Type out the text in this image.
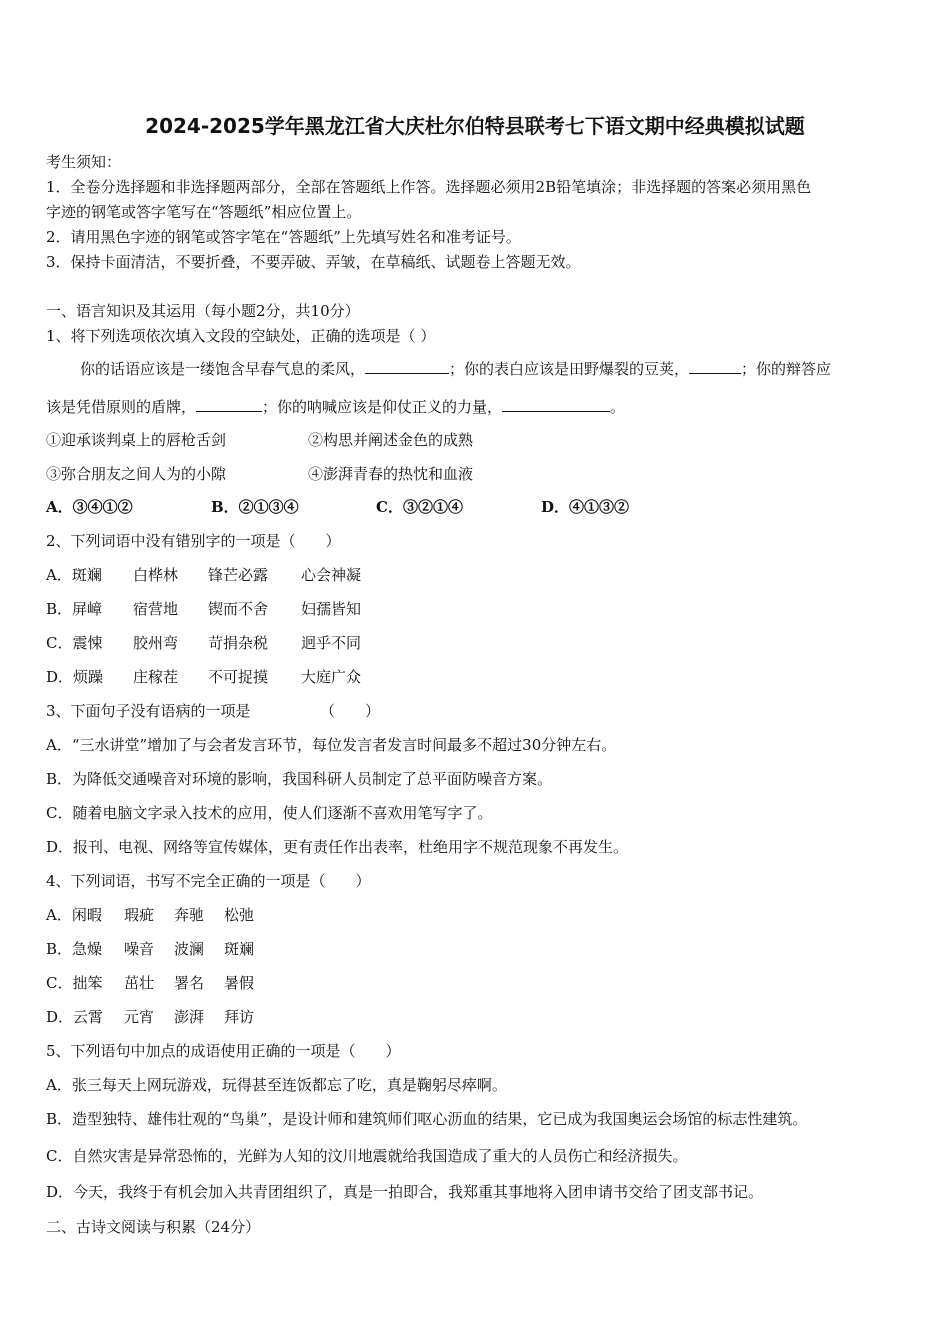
2024-2025学年黑龙江省大庆杜尔伯特县联考七下语文期中经典模拟试题
考生须知：
1．全卷分选择题和非选择题两部分，全部在答题纸上作答。选择题必须用2B铅笔填涂；非选择题的答案必须用黑色
字迹的钢笔或答字笔写在“答题纸”相应位置上。
2．请用黑色字迹的钢笔或答字笔在“答题纸”上先填写姓名和准考证号。
3．保持卡面清洁，不要折叠，不要弄破、弄皱，在草稿纸、试题卷上答题无效。
一、语言知识及其运用（每小题2分，共10分）
1、将下列选项依次填入文段的空缺处，正确的选项是（ ）
你的话语应该是一缕饱含早春气息的柔风，	；你的表白应该是田野爆裂的豆荚，	；你的辩答应
该是凭借原则的盾牌，	；你的呐喊应该是仰仗正义的力量，	。
①迎承谈判桌上的唇枪舌剑	②构思并阐述金色的成熟
③弥合朋友之间人为的小隙	④澎湃青春的热忱和血液
A．③④①②	B．②①③④	C．③②①④	D．④①③②
2、下列词语中没有错别字的一项是（　　）
A．斑斓 白桦林 锋芒必露 心会神凝
B．屏嶂 宿营地 锲而不舍 妇孺皆知
C．震悚 胶州弯 苛捐杂税 迥乎不同
D．烦躁 庄稼茬 不可捉摸 大庭广众
3、下面句子没有语病的一项是	（　　）
A．“三水讲堂”增加了与会者发言环节，每位发言者发言时间最多不超过30分钟左右。
B．为降低交通噪音对环境的影响，我国科研人员制定了总平面防噪音方案。
C．随着电脑文字录入技术的应用，使人们逐渐不喜欢用笔写字了。
D．报刊、电视、网络等宣传媒体，更有责任作出表率，杜绝用字不规范现象不再发生。
4、下列词语，书写不完全正确的一项是（　　）
A．闲暇 瑕疵 奔驰 松弛
B．急燥 噪音 波澜 斑斓
C．拙笨 茁壮 署名 暑假
D．云霄 元宵 澎湃 拜访
5、下列语句中加点的成语使用正确的一项是（　　）
A．张三每天上网玩游戏，玩得甚至连饭都忘了吃，真是鞠躬尽瘁啊。
B．造型独特、雄伟壮观的“鸟巢”，是设计师和建筑师们呕心沥血的结果，它已成为我国奥运会场馆的标志性建筑。
C．自然灾害是异常恐怖的，光鲜为人知的汶川地震就给我国造成了重大的人员伤亡和经济损失。
D．今天，我终于有机会加入共青团组织了，真是一拍即合，我郑重其事地将入团申请书交给了团支部书记。
二、古诗文阅读与积累（24分）
